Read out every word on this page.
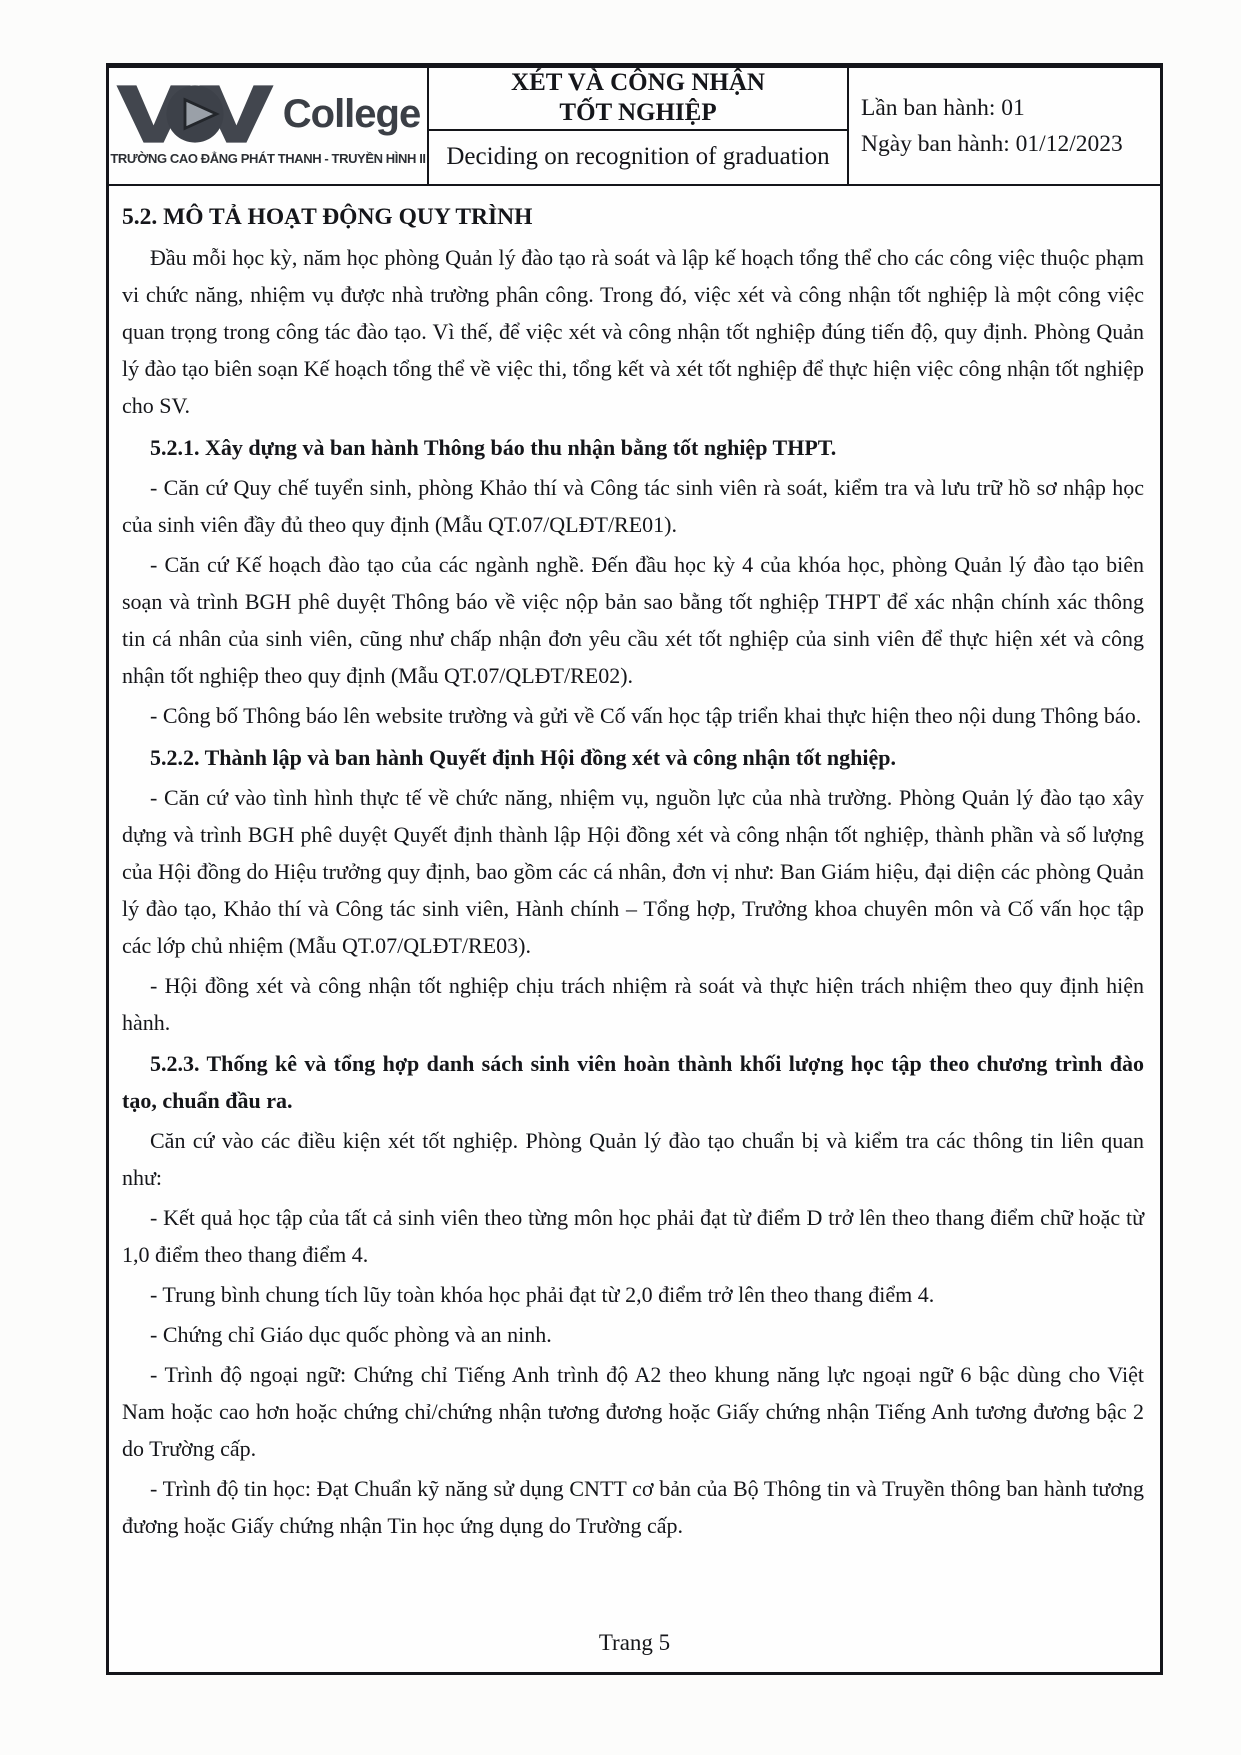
College
TRƯỜNG CAO ĐẲNG PHÁT THANH - TRUYỀN HÌNH II
XÉT VÀ CÔNG NHẬN
TỐT NGHIỆP
Deciding on recognition of graduation
Lần ban hành: 01
Ngày ban hành: 01/12/2023

5.2. MÔ TẢ HOẠT ĐỘNG QUY TRÌNH

Đầu mỗi học kỳ, năm học phòng Quản lý đào tạo rà soát và lập kế hoạch tổng thể cho các công việc thuộc phạm vi chức năng, nhiệm vụ được nhà trường phân công. Trong đó, việc xét và công nhận tốt nghiệp là một công việc quan trọng trong công tác đào tạo. Vì thế, để việc xét và công nhận tốt nghiệp đúng tiến độ, quy định. Phòng Quản lý đào tạo biên soạn Kế hoạch tổng thể về việc thi, tổng kết và xét tốt nghiệp để thực hiện việc công nhận tốt nghiệp cho SV.

5.2.1. Xây dựng và ban hành Thông báo thu nhận bằng tốt nghiệp THPT.

- Căn cứ Quy chế tuyển sinh, phòng Khảo thí và Công tác sinh viên rà soát, kiểm tra và lưu trữ hồ sơ nhập học của sinh viên đầy đủ theo quy định (Mẫu QT.07/QLĐT/RE01).

- Căn cứ Kế hoạch đào tạo của các ngành nghề. Đến đầu học kỳ 4 của khóa học, phòng Quản lý đào tạo biên soạn và trình BGH phê duyệt Thông báo về việc nộp bản sao bằng tốt nghiệp THPT để xác nhận chính xác thông tin cá nhân của sinh viên, cũng như chấp nhận đơn yêu cầu xét tốt nghiệp của sinh viên để thực hiện xét và công nhận tốt nghiệp theo quy định (Mẫu QT.07/QLĐT/RE02).

- Công bố Thông báo lên website trường và gửi về Cố vấn học tập triển khai thực hiện theo nội dung Thông báo.

5.2.2. Thành lập và ban hành Quyết định Hội đồng xét và công nhận tốt nghiệp.

- Căn cứ vào tình hình thực tế về chức năng, nhiệm vụ, nguồn lực của nhà trường. Phòng Quản lý đào tạo xây dựng và trình BGH phê duyệt Quyết định thành lập Hội đồng xét và công nhận tốt nghiệp, thành phần và số lượng của Hội đồng do Hiệu trưởng quy định, bao gồm các cá nhân, đơn vị như: Ban Giám hiệu, đại diện các phòng Quản lý đào tạo, Khảo thí và Công tác sinh viên, Hành chính – Tổng hợp, Trưởng khoa chuyên môn và Cố vấn học tập các lớp chủ nhiệm (Mẫu QT.07/QLĐT/RE03).

- Hội đồng xét và công nhận tốt nghiệp chịu trách nhiệm rà soát và thực hiện trách nhiệm theo quy định hiện hành.

5.2.3. Thống kê và tổng hợp danh sách sinh viên hoàn thành khối lượng học tập theo chương trình đào tạo, chuẩn đầu ra.

Căn cứ vào các điều kiện xét tốt nghiệp. Phòng Quản lý đào tạo chuẩn bị và kiểm tra các thông tin liên quan như:

- Kết quả học tập của tất cả sinh viên theo từng môn học phải đạt từ điểm D trở lên theo thang điểm chữ hoặc từ 1,0 điểm theo thang điểm 4.

- Trung bình chung tích lũy toàn khóa học phải đạt từ 2,0 điểm trở lên theo thang điểm 4.

- Chứng chỉ Giáo dục quốc phòng và an ninh.

- Trình độ ngoại ngữ: Chứng chỉ Tiếng Anh trình độ A2 theo khung năng lực ngoại ngữ 6 bậc dùng cho Việt Nam hoặc cao hơn hoặc chứng chỉ/chứng nhận tương đương hoặc Giấy chứng nhận Tiếng Anh tương đương bậc 2 do Trường cấp.

- Trình độ tin học: Đạt Chuẩn kỹ năng sử dụng CNTT cơ bản của Bộ Thông tin và Truyền thông ban hành tương đương hoặc Giấy chứng nhận Tin học ứng dụng do Trường cấp.

Trang 5
